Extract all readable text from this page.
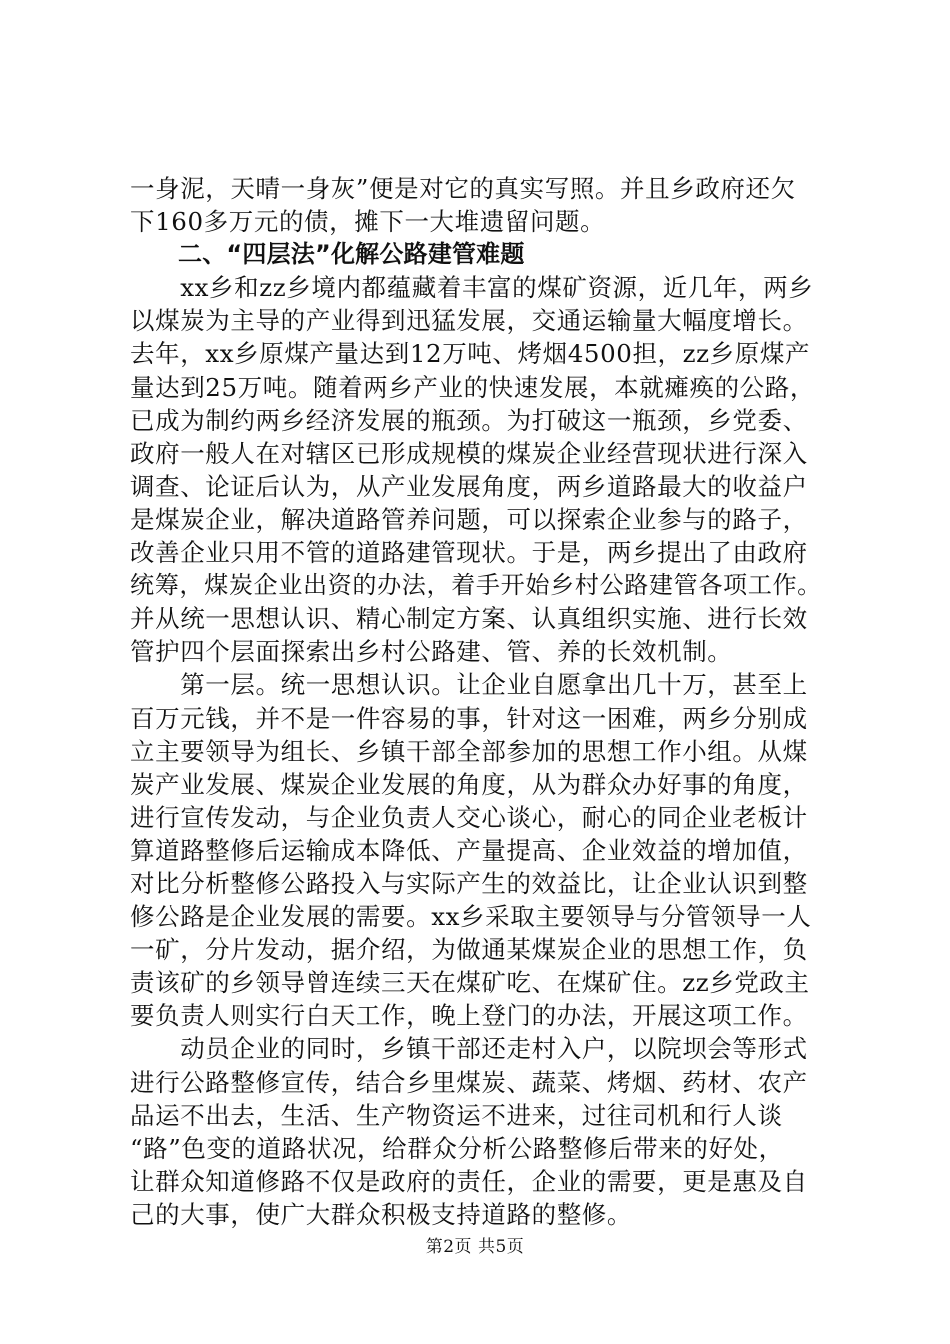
一身泥，天晴一身灰”便是对它的真实写照。并且乡政府还欠
下160多万元的债，摊下一大堆遗留问题。
二、“四层法”化解公路建管难题
　　xx乡和zz乡境内都蕴藏着丰富的煤矿资源，近几年，两乡
以煤炭为主导的产业得到迅猛发展，交通运输量大幅度增长。
去年，xx乡原煤产量达到12万吨、烤烟4500担，zz乡原煤产
量达到25万吨。随着两乡产业的快速发展，本就瘫痪的公路，
已成为制约两乡经济发展的瓶颈。为打破这一瓶颈，乡党委、
政府一般人在对辖区已形成规模的煤炭企业经营现状进行深入
调查、论证后认为，从产业发展角度，两乡道路最大的收益户
是煤炭企业，解决道路管养问题，可以探索企业参与的路子，
改善企业只用不管的道路建管现状。于是，两乡提出了由政府
统筹，煤炭企业出资的办法，着手开始乡村公路建管各项工作。
并从统一思想认识、精心制定方案、认真组织实施、进行长效
管护四个层面探索出乡村公路建、管、养的长效机制。
　　第一层。统一思想认识。让企业自愿拿出几十万，甚至上
百万元钱，并不是一件容易的事，针对这一困难，两乡分别成
立主要领导为组长、乡镇干部全部参加的思想工作小组。从煤
炭产业发展、煤炭企业发展的角度，从为群众办好事的角度，
进行宣传发动，与企业负责人交心谈心，耐心的同企业老板计
算道路整修后运输成本降低、产量提高、企业效益的增加值，
对比分析整修公路投入与实际产生的效益比，让企业认识到整
修公路是企业发展的需要。xx乡采取主要领导与分管领导一人
一矿，分片发动，据介绍，为做通某煤炭企业的思想工作，负
责该矿的乡领导曾连续三天在煤矿吃、在煤矿住。zz乡党政主
要负责人则实行白天工作，晚上登门的办法，开展这项工作。
　　动员企业的同时，乡镇干部还走村入户，以院坝会等形式
进行公路整修宣传，结合乡里煤炭、蔬菜、烤烟、药材、农产
品运不出去，生活、生产物资运不进来，过往司机和行人谈
“路”色变的道路状况，给群众分析公路整修后带来的好处，
让群众知道修路不仅是政府的责任，企业的需要，更是惠及自
己的大事，使广大群众积极支持道路的整修。
第2页 共5页
